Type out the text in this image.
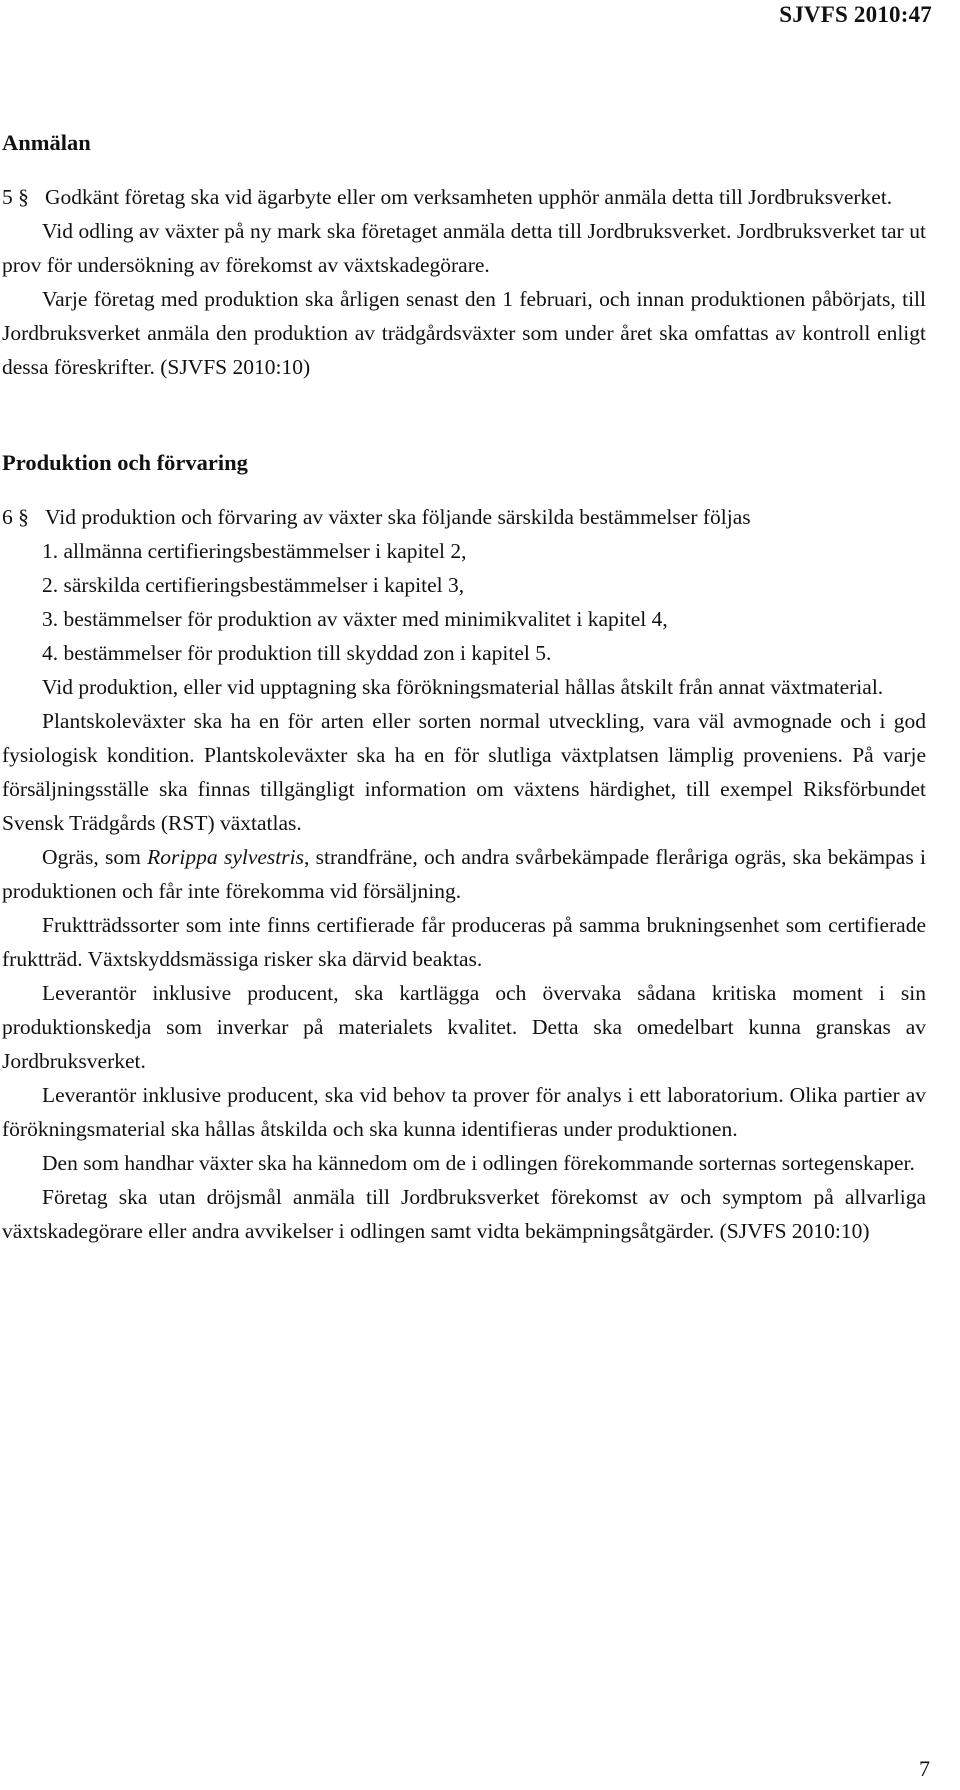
SJVFS 2010:47
Anmälan

5 § Godkänt företag ska vid ägarbyte eller om verksamheten upphör anmäla detta till Jordbruksverket.

Vid odling av växter på ny mark ska företaget anmäla detta till Jordbruksverket. Jordbruksverket tar ut prov för undersökning av förekomst av växtskadegörare.

Varje företag med produktion ska årligen senast den 1 februari, och innan produktionen påbörjats, till Jordbruksverket anmäla den produktion av trädgårdsväxter som under året ska omfattas av kontroll enligt dessa föreskrifter. (SJVFS 2010:10)

Produktion och förvaring

6 § Vid produktion och förvaring av växter ska följande särskilda bestämmelser följas

1. allmänna certifieringsbestämmelser i kapitel 2,

2. särskilda certifieringsbestämmelser i kapitel 3,

3. bestämmelser för produktion av växter med minimikvalitet i kapitel 4,

4. bestämmelser för produktion till skyddad zon i kapitel 5.

Vid produktion, eller vid upptagning ska förökningsmaterial hållas åtskilt från annat växtmaterial.

Plantskoleväxter ska ha en för arten eller sorten normal utveckling, vara väl avmognade och i god fysiologisk kondition. Plantskoleväxter ska ha en för slutliga växtplatsen lämplig proveniens. På varje försäljningsställe ska finnas tillgängligt information om växtens härdighet, till exempel Riksförbundet Svensk Trädgårds (RST) växtatlas.

Ogräs, som Rorippa sylvestris, strandfräne, och andra svårbekämpade fleråriga ogräs, ska bekämpas i produktionen och får inte förekomma vid försäljning.

Fruktträdssorter som inte finns certifierade får produceras på samma brukningsenhet som certifierade fruktträd. Växtskyddsmässiga risker ska därvid beaktas.

Leverantör inklusive producent, ska kartlägga och övervaka sådana kritiska moment i sin produktionskedja som inverkar på materialets kvalitet. Detta ska omedelbart kunna granskas av Jordbruksverket.

Leverantör inklusive producent, ska vid behov ta prover för analys i ett laboratorium. Olika partier av förökningsmaterial ska hållas åtskilda och ska kunna identifieras under produktionen.

Den som handhar växter ska ha kännedom om de i odlingen förekommande sorternas sortegenskaper.

Företag ska utan dröjsmål anmäla till Jordbruksverket förekomst av och symptom på allvarliga växtskadegörare eller andra avvikelser i odlingen samt vidta bekämpningsåtgärder. (SJVFS 2010:10)

7
